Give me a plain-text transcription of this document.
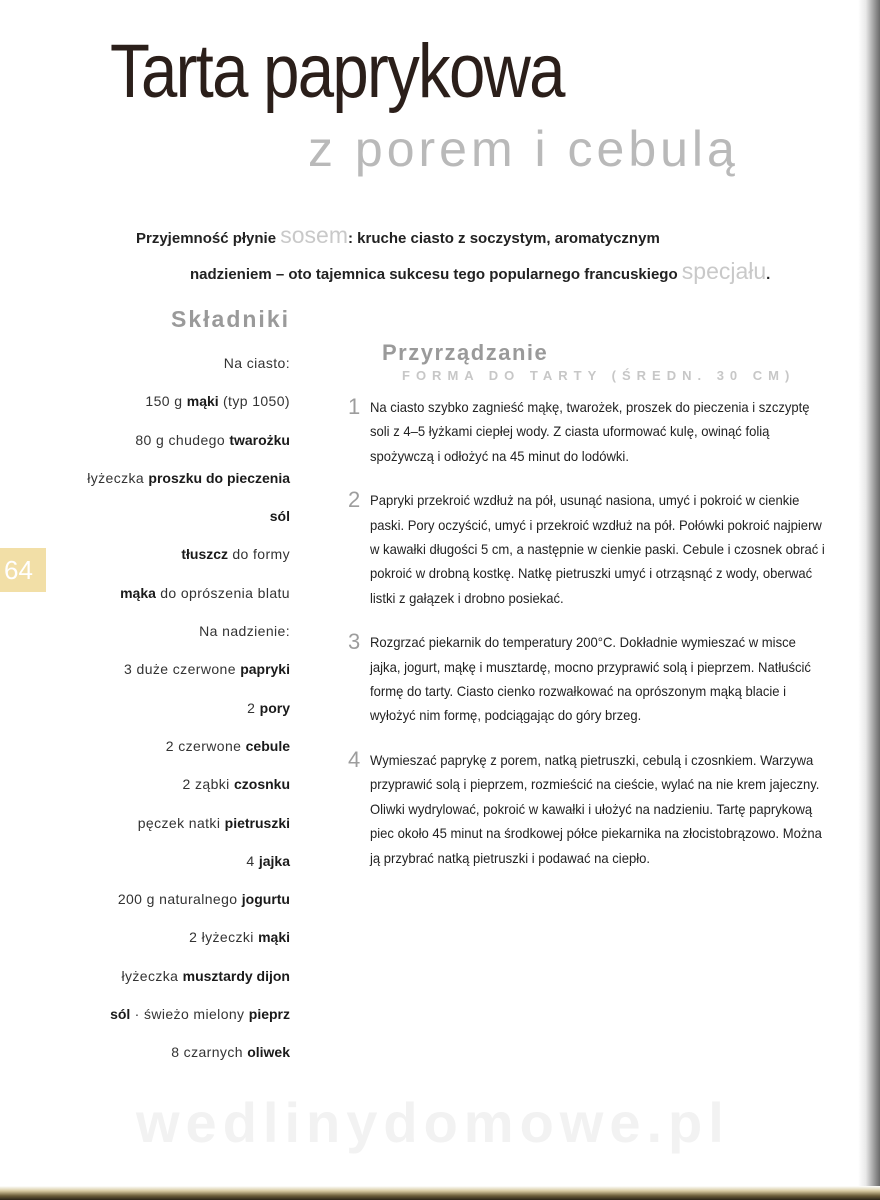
Tarta paprykowa
z porem i cebulą
Przyjemność płynie sosem: kruche ciasto z soczystym, aromatycznym
nadzieniem – oto tajemnica sukcesu tego popularnego francuskiego specjału.
Składniki
Na ciasto:
150 g mąki (typ 1050)
80 g chudego twarożku
łyżeczka proszku do pieczenia
sól
tłuszcz do formy
mąka do oprószenia blatu
Na nadzienie:
3 duże czerwone papryki
2 pory
2 czerwone cebule
2 ząbki czosnku
pęczek natki pietruszki
4 jajka
200 g naturalnego jogurtu
2 łyżeczki mąki
łyżeczka musztardy dijon
sól · świeżo mielony pieprz
8 czarnych oliwek
64
Przyrządzanie
FORMA DO TARTY (ŚREDN. 30 CM)
1 Na ciasto szybko zagnieść mąkę, twarożek, proszek do pieczenia i szczyptę soli z 4–5 łyżkami ciepłej wody. Z ciasta uformować kulę, owinąć folią spożywczą i odłożyć na 45 minut do lodówki.
2 Papryki przekroić wzdłuż na pół, usunąć nasiona, umyć i pokroić w cienkie paski. Pory oczyścić, umyć i przekroić wzdłuż na pół. Połówki pokroić najpierw w kawałki długości 5 cm, a następnie w cienkie paski. Cebule i czosnek obrać i pokroić w drobną kostkę. Natkę pietruszki umyć i otrząsnąć z wody, oberwać listki z gałązek i drobno posiekać.
3 Rozgrzać piekarnik do temperatury 200°C. Dokładnie wymieszać w misce jajka, jogurt, mąkę i musztardę, mocno przyprawić solą i pieprzem. Natłuścić formę do tarty. Ciasto cienko rozwałkować na oprószonym mąką blacie i wyłożyć nim formę, podciągając do góry brzeg.
4 Wymieszać paprykę z porem, natką pietruszki, cebulą i czosnkiem. Warzywa przyprawić solą i pieprzem, rozmieścić na cieście, wylać na nie krem jajeczny. Oliwki wydrylować, pokroić w kawałki i ułożyć na nadzieniu. Tartę paprykową piec około 45 minut na środkowej półce piekarnika na złocistobrązowo. Można ją przybrać natką pietruszki i podawać na ciepło.
wedlinydomowe.pl
